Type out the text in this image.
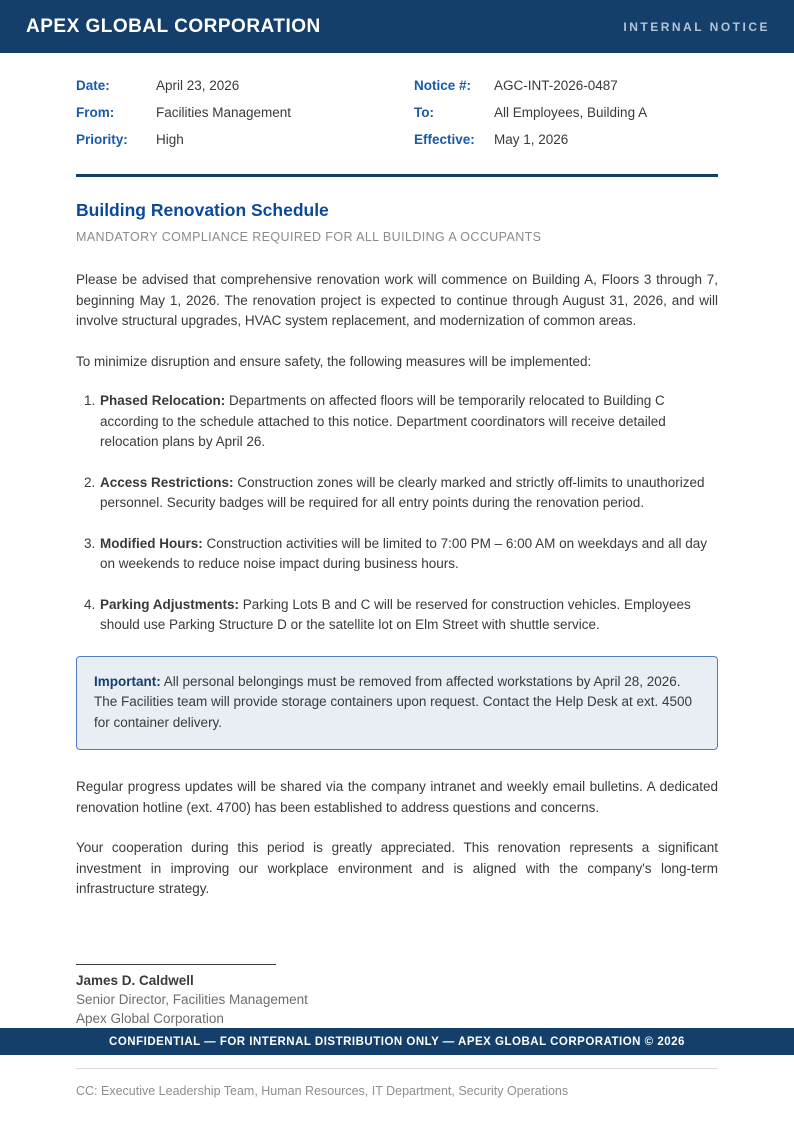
APEX GLOBAL CORPORATION	INTERNAL NOTICE
Date:	April 23, 2026
From:	Facilities Management
Priority:	High
Notice #:	AGC-INT-2026-0487
To:	All Employees, Building A
Effective:	May 1, 2026
Building Renovation Schedule
MANDATORY COMPLIANCE REQUIRED FOR ALL BUILDING A OCCUPANTS

Please be advised that comprehensive renovation work will commence on Building A, Floors 3 through 7, beginning May 1, 2026. The renovation project is expected to continue through August 31, 2026, and will involve structural upgrades, HVAC system replacement, and modernization of common areas.

To minimize disruption and ensure safety, the following measures will be implemented:

Phased Relocation: Departments on affected floors will be temporarily relocated to Building C according to the schedule attached to this notice. Department coordinators will receive detailed relocation plans by April 26.
Access Restrictions: Construction zones will be clearly marked and strictly off-limits to unauthorized personnel. Security badges will be required for all entry points during the renovation period.
Modified Hours: Construction activities will be limited to 7:00 PM – 6:00 AM on weekdays and all day on weekends to reduce noise impact during business hours.
Parking Adjustments: Parking Lots B and C will be reserved for construction vehicles. Employees should use Parking Structure D or the satellite lot on Elm Street with shuttle service.
Important: All personal belongings must be removed from affected workstations by April 28, 2026. The Facilities team will provide storage containers upon request. Contact the Help Desk at ext. 4500 for container delivery.

Regular progress updates will be shared via the company intranet and weekly email bulletins. A dedicated renovation hotline (ext. 4700) has been established to address questions and concerns.

Your cooperation during this period is greatly appreciated. This renovation represents a significant investment in improving our workplace environment and is aligned with the company's long-term infrastructure strategy.

James D. Caldwell
Senior Director, Facilities Management
Apex Global Corporation
CC: Executive Leadership Team, Human Resources, IT Department, Security Operations
CONFIDENTIAL — FOR INTERNAL DISTRIBUTION ONLY — APEX GLOBAL CORPORATION © 2026
